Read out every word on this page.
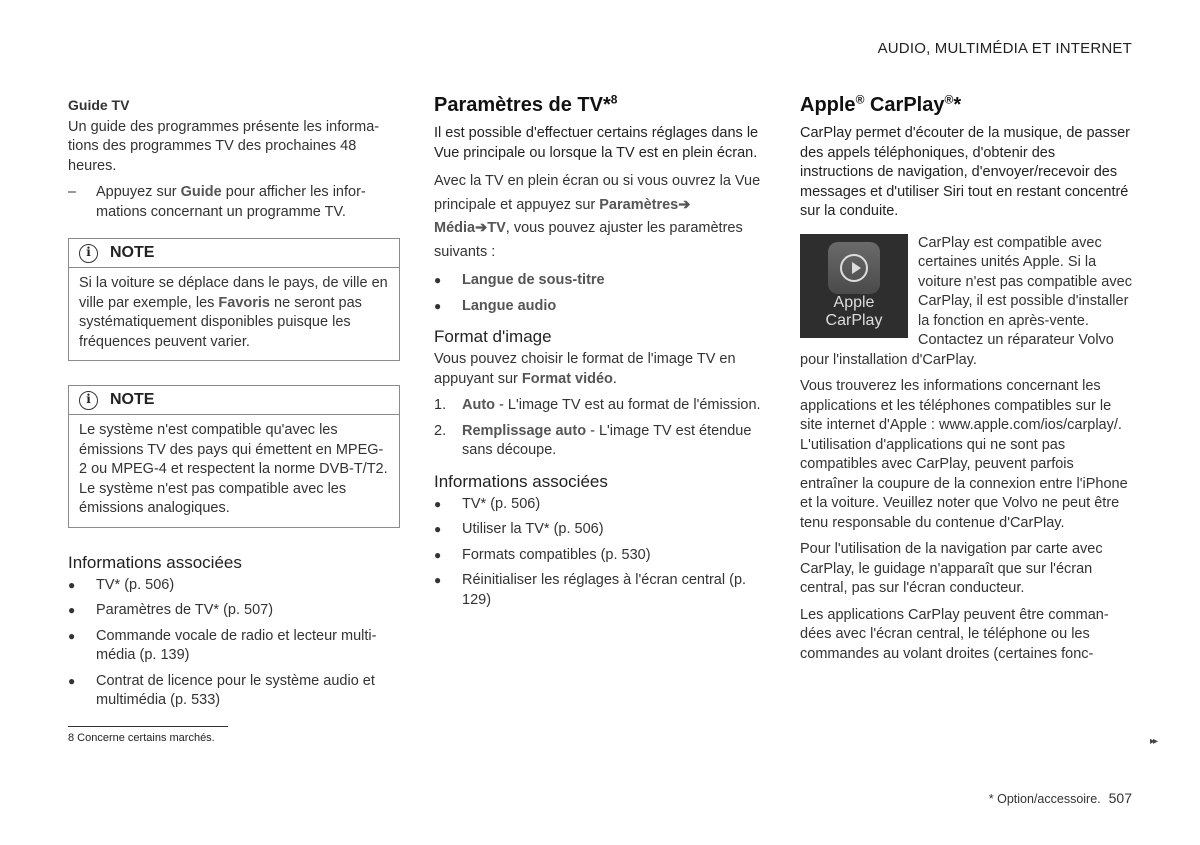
AUDIO, MULTIMÉDIA ET INTERNET
Guide TV

Un guide des programmes présente les informations des programmes TV des prochaines 48 heures.

–	Appuyez sur Guide pour afficher les informations concernant un programme TV.
i	NOTE
Si la voiture se déplace dans le pays, de ville en ville par exemple, les Favoris ne seront pas systématiquement disponibles puisque les fréquences peuvent varier.
i	NOTE
Le système n'est compatible qu'avec les émissions TV des pays qui émettent en MPEG-2 ou MPEG-4 et respectent la norme DVB-T/T2. Le système n'est pas compatible avec les émissions analogiques.
Informations associées
●	TV* (p. 506)
●	Paramètres de TV* (p. 507)
●	Commande vocale de radio et lecteur multimédia (p. 139)
●	Contrat de licence pour le système audio et multimédia (p. 533)
Paramètres de TV*$^8$

Il est possible d'effectuer certains réglages dans le Vue principale ou lorsque la TV est en plein écran.

Avec la TV en plein écran ou si vous ouvrez la Vue principale et appuyez sur Paramètres➔
Média➔TV, vous pouvez ajuster les paramètres suivants :

●	Langue de sous-titre
●	Langue audio
Format d'image

Vous pouvez choisir le format de l'image TV en appuyant sur Format vidéo.

1.	Auto - L'image TV est au format de l'émission.
2.	Remplissage auto - L'image TV est étendue sans découpe.
Informations associées
●	TV* (p. 506)
●	Utiliser la TV* (p. 506)
●	Formats compatibles (p. 530)
●	Réinitialiser les réglages à l'écran central (p. 129)
Apple® CarPlay®*

CarPlay permet d'écouter de la musique, de passer des appels téléphoniques, d'obtenir des instructions de navigation, d'envoyer/recevoir des messages et d'utiliser Siri tout en restant concentré sur la conduite.

Apple
CarPlay

CarPlay est compatible avec certaines unités Apple. Si la voiture n'est pas compatible avec CarPlay, il est possible d'installer la fonction en après-vente. Contactez un réparateur Volvo pour l'installation d'CarPlay.

Vous trouverez les informations concernant les applications et les téléphones compatibles sur le site internet d'Apple : www.apple.com/ios/carplay/. L'utilisation d'applications qui ne sont pas compatibles avec CarPlay, peuvent parfois entraîner la coupure de la connexion entre l'iPhone et la voiture. Veuillez noter que Volvo ne peut être tenu responsable du contenue d'CarPlay.

Pour l'utilisation de la navigation par carte avec CarPlay, le guidage n'apparaît que sur l'écran central, pas sur l'écran conducteur.

Les applications CarPlay peuvent être commandées avec l'écran central, le téléphone ou les commandes au volant droites (certaines fonc-

8 Concerne certains marchés.	▸▸
* Option/accessoire. 507
